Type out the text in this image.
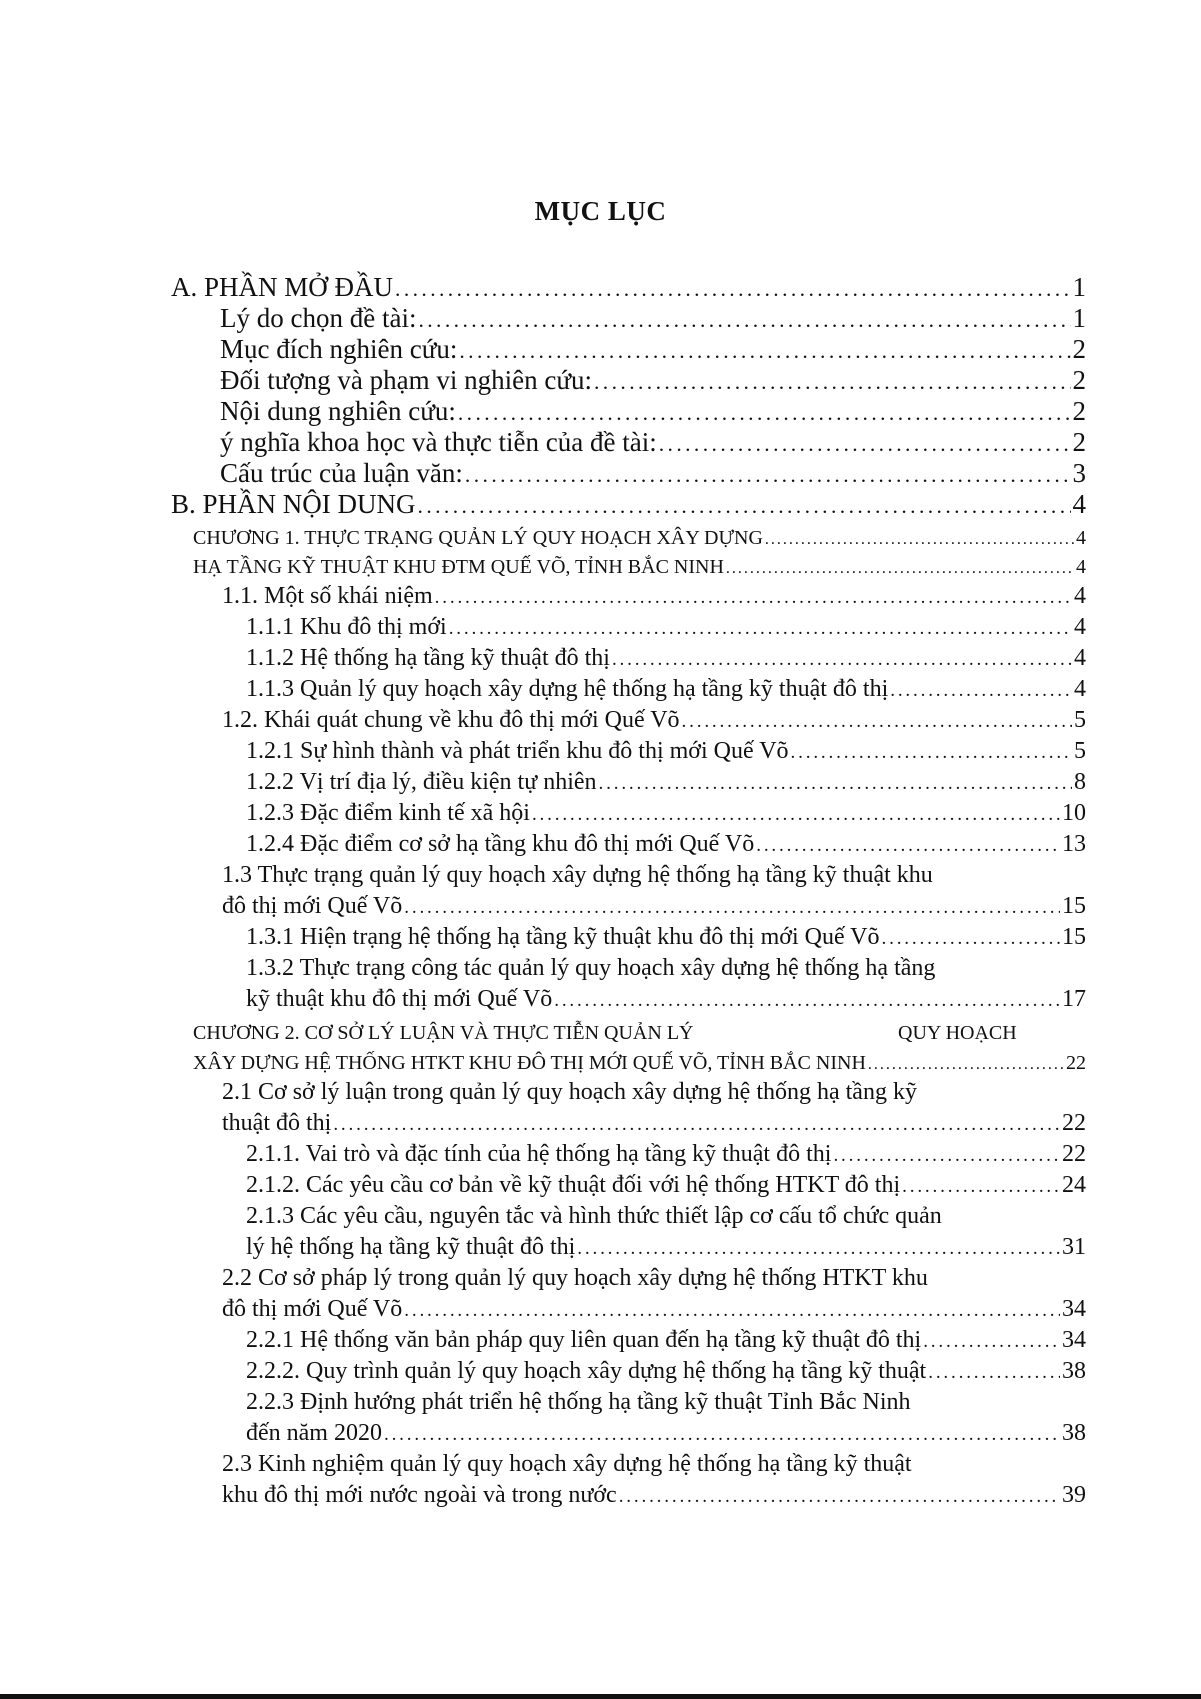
MỤC LỤC
A. PHẦN MỞ ĐẦU . . .	1
Lý do chọn đề tài: . . .	1
Mục đích nghiên cứu: . . .	2
Đối tượng và phạm vi nghiên cứu: . . .	2
Nội dung nghiên cứu: . . .	2
ý nghĩa khoa học và thực tiễn của đề tài: . . .	2
Cấu trúc của luận văn: . . .	3
B. PHẦN NỘI DUNG . . .	4
CHƯƠNG 1. THỰC TRẠNG QUẢN LÝ QUY HOẠCH XÂY DỰNG . . .	4
HẠ TẦNG KỸ THUẬT KHU ĐTM QUẾ VÕ, TỈNH BẮC NINH . . .	4
1.1. Một số khái niệm . . .	4
1.1.1 Khu đô thị mới . . .	4
1.1.2 Hệ thống hạ tầng kỹ thuật đô thị . . .	4
1.1.3 Quản lý quy hoạch xây dựng hệ thống hạ tầng kỹ thuật đô thị . . .	4
1.2. Khái quát chung về khu đô thị mới Quế Võ . . .	5
1.2.1 Sự hình thành và phát triển khu đô thị mới Quế Võ . . .	5
1.2.2 Vị trí địa lý, điều kiện tự nhiên . . .	8
1.2.3 Đặc điểm kinh tế xã hội . . .	10
1.2.4 Đặc điểm cơ sở hạ tầng khu đô thị mới Quế Võ . . .	13
1.3 Thực trạng quản lý quy hoạch xây dựng hệ thống hạ tầng kỹ thuật khu
đô thị mới Quế Võ . . .	15
1.3.1 Hiện trạng hệ thống hạ tầng kỹ thuật khu đô thị mới Quế Võ . . .	15
1.3.2 Thực trạng công tác quản lý quy hoạch xây dựng hệ thống hạ tầng
kỹ thuật khu đô thị mới Quế Võ . . .	17
CHƯƠNG 2. CƠ SỞ LÝ LUẬN VÀ THỰC TIỄN QUẢN LÝ	QUY HOẠCH
XÂY DỰNG HỆ THỐNG HTKT KHU ĐÔ THỊ MỚI QUẾ VÕ, TỈNH BẮC NINH . . .	22
2.1 Cơ sở lý luận trong quản lý quy hoạch xây dựng hệ thống hạ tầng kỹ
thuật đô thị . . .	22
2.1.1. Vai trò và đặc tính của hệ thống hạ tầng kỹ thuật đô thị . . .	22
2.1.2. Các yêu cầu cơ bản về kỹ thuật đối với hệ thống HTKT đô thị . . .	24
2.1.3 Các yêu cầu, nguyên tắc và hình thức thiết lập cơ cấu tổ chức quản
lý hệ thống hạ tầng kỹ thuật đô thị . . .	31
2.2 Cơ sở pháp lý trong quản lý quy hoạch xây dựng hệ thống HTKT khu
đô thị mới Quế Võ . . .	34
2.2.1 Hệ thống văn bản pháp quy liên quan đến hạ tầng kỹ thuật đô thị . . .	34
2.2.2. Quy trình quản lý quy hoạch xây dựng hệ thống hạ tầng kỹ thuật . . .	38
2.2.3 Định hướng phát triển hệ thống hạ tầng kỹ thuật Tỉnh Bắc Ninh
đến năm 2020 . . .	38
2.3 Kinh nghiệm quản lý quy hoạch xây dựng hệ thống hạ tầng kỹ thuật
khu đô thị mới nước ngoài và trong nước . . .	39
